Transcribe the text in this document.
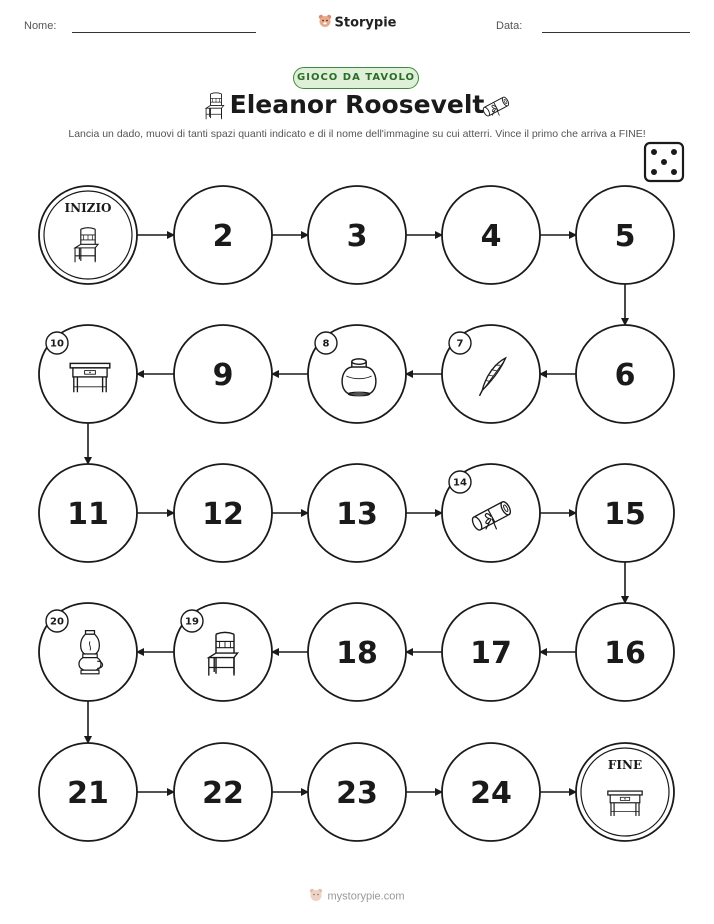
Nome:	Storypie	Data:
GIOCO DA TAVOLO
Eleanor Roosevelt
Lancia un dado, muovi di tanti spazi quanti indicato e di il nome dell'immagine su cui atterri. Vince il primo che arriva a FINE!
INIZIO
2	3	4	5
6
7
8
9
10
11	12	13
14
15
16
17
18
19
20
21	22	23	24
FINE
mystorypie.com
